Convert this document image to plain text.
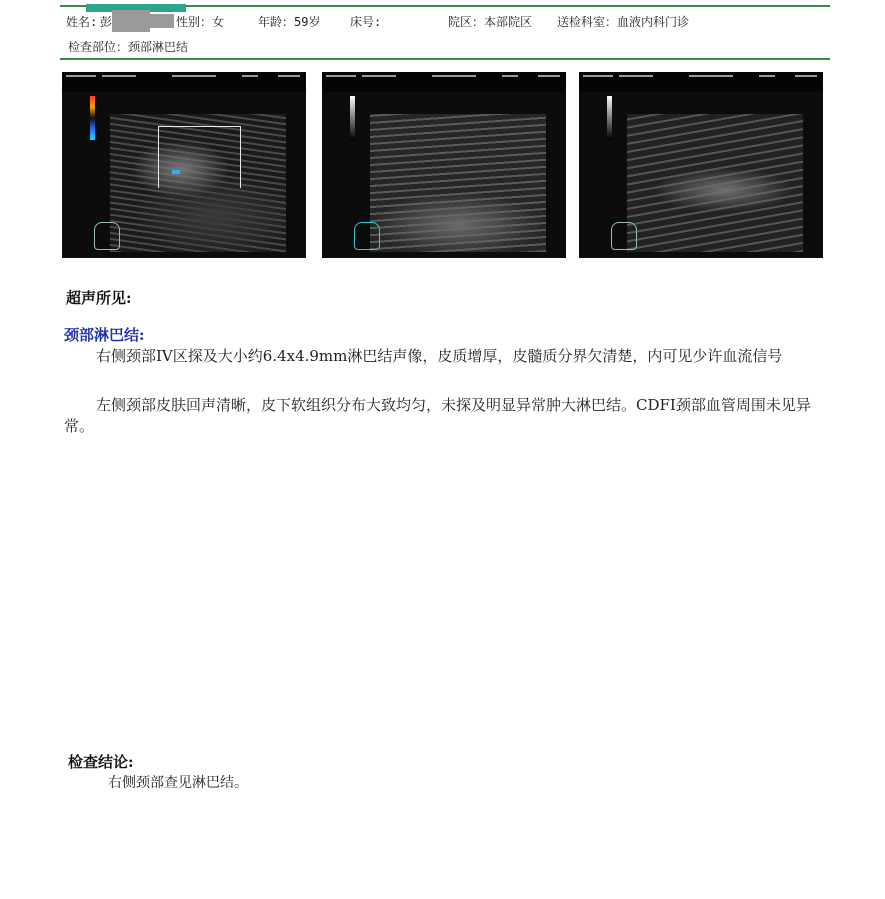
姓名: 彭	性别：女	年龄：59岁 床号:	院区：本部院区 送检科室：血液内科门诊
检查部位：颈部淋巴结
超声所见:
颈部淋巴结:
右侧颈部IV区探及大小约6.4x4.9mm淋巴结声像，皮质增厚，皮髓质分界欠清楚，内可见少许血流信号
左侧颈部皮肤回声清晰，皮下软组织分布大致均匀，未探及明显异常肿大淋巴结。CDFI颈部血管周围未见异常。
检查结论:
右侧颈部查见淋巴结。
